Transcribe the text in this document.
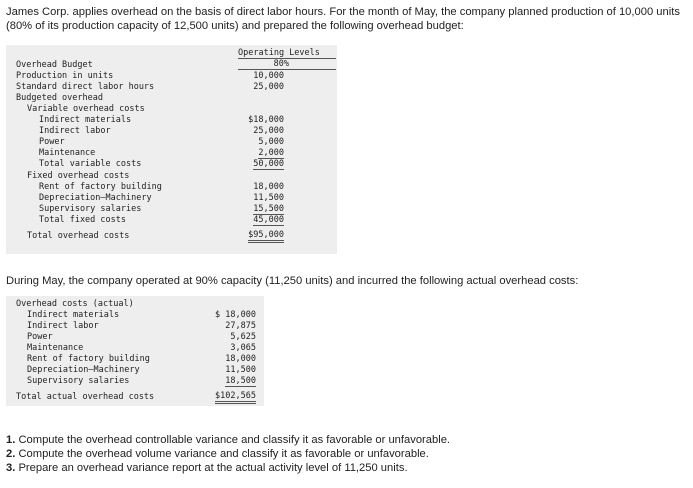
James Corp. applies overhead on the basis of direct labor hours. For the month of May, the company planned production of 10,000 units (80% of its production capacity of 12,500 units) and prepared the following overhead budget:

Operating Levels
80%
Overhead Budget
Production in units	10,000
Standard direct labor hours	25,000
Budgeted overhead
Variable overhead costs
Indirect materials	$18,000
Indirect labor	25,000
Power	5,000
Maintenance	2,000
Total variable costs	50,000
Fixed overhead costs
Rent of factory building	18,000
Depreciation—Machinery	11,500
Supervisory salaries	15,500
Total fixed costs	45,000
Total overhead costs	$95,000

During May, the company operated at 90% capacity (11,250 units) and incurred the following actual overhead costs:

Overhead costs (actual)
Indirect materials	$ 18,000
Indirect labor	27,875
Power	5,625
Maintenance	3,065
Rent of factory building	18,000
Depreciation—Machinery	11,500
Supervisory salaries	18,500
Total actual overhead costs	$102,565

1. Compute the overhead controllable variance and classify it as favorable or unfavorable.

2. Compute the overhead volume variance and classify it as favorable or unfavorable.

3. Prepare an overhead variance report at the actual activity level of 11,250 units.
